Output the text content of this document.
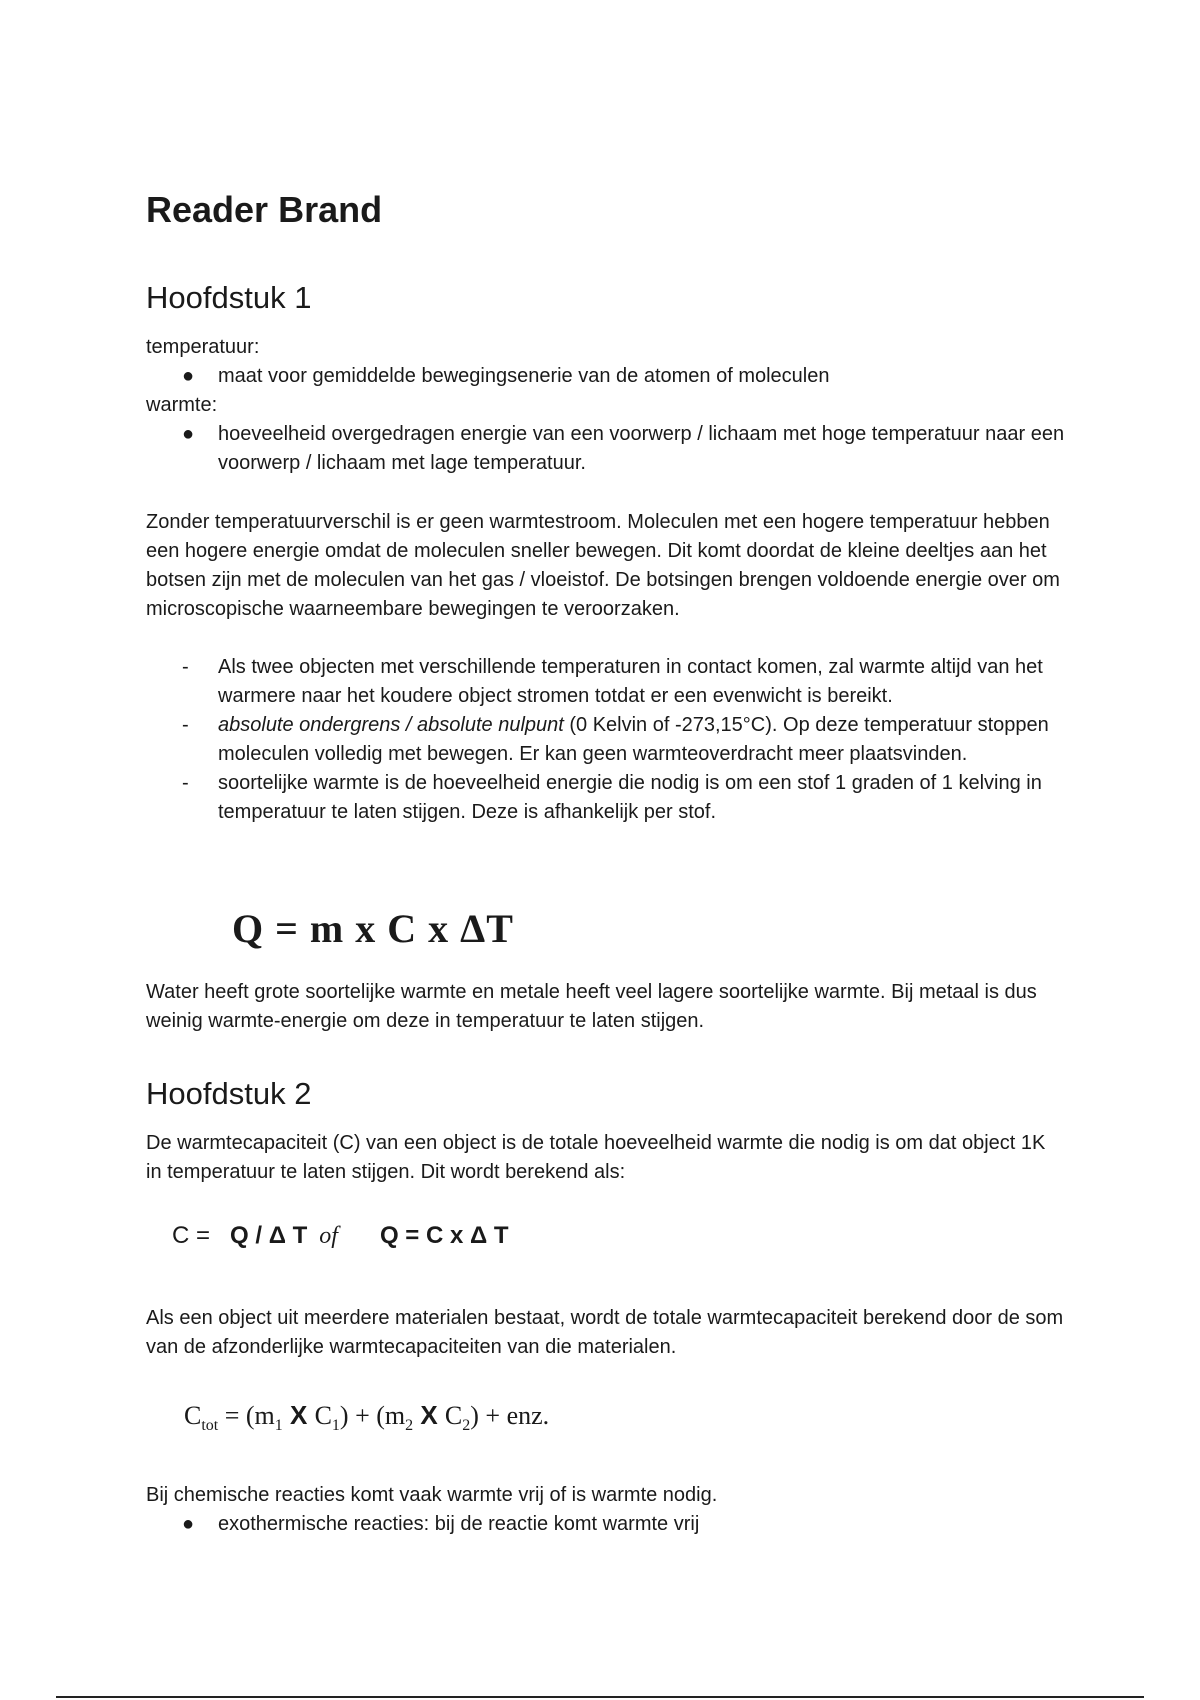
Reader Brand
Hoofdstuk 1

temperatuur:

●	maat voor gemiddelde bewegingsenerie van de atomen of moleculen

warmte:

●	hoeveelheid overgedragen energie van een voorwerp / lichaam met hoge temperatuur naar een voorwerp / lichaam met lage temperatuur.

Zonder temperatuurverschil is er geen warmtestroom. Moleculen met een hogere temperatuur hebben een hogere energie omdat de moleculen sneller bewegen. Dit komt doordat de kleine deeltjes aan het botsen zijn met de moleculen van het gas / vloeistof. De botsingen brengen voldoende energie over om microscopische waarneembare bewegingen te veroorzaken.

-	Als twee objecten met verschillende temperaturen in contact komen, zal warmte altijd van het warmere naar het koudere object stromen totdat er een evenwicht is bereikt.
-	absolute ondergrens / absolute nulpunt (0 Kelvin of -273,15°C). Op deze temperatuur stoppen moleculen volledig met bewegen. Er kan geen warmteoverdracht meer plaatsvinden.
-	soortelijke warmte is de hoeveelheid energie die nodig is om een stof 1 graden of 1 kelving in temperatuur te laten stijgen. Deze is afhankelijk per stof.
Q = m x C x ΔT

Water heeft grote soortelijke warmte en metale heeft veel lagere soortelijke warmte. Bij metaal is dus weinig warmte-energie om deze in temperatuur te laten stijgen.

Hoofdstuk 2

De warmtecapaciteit (C) van een object is de totale hoeveelheid warmte die nodig is om dat object 1K in temperatuur te laten stijgen. Dit wordt berekend als:

C = Q / Δ T of Q = C x Δ T

Als een object uit meerdere materialen bestaat, wordt de totale warmtecapaciteit berekend door de som van de afzonderlijke warmtecapaciteiten van die materialen.

$C_{tot} = (m_1$ X $C_1) + (m_2$ X $C_2$) + enz.

Bij chemische reacties komt vaak warmte vrij of is warmte nodig.

●	exothermische reacties: bij de reactie komt warmte vrij
